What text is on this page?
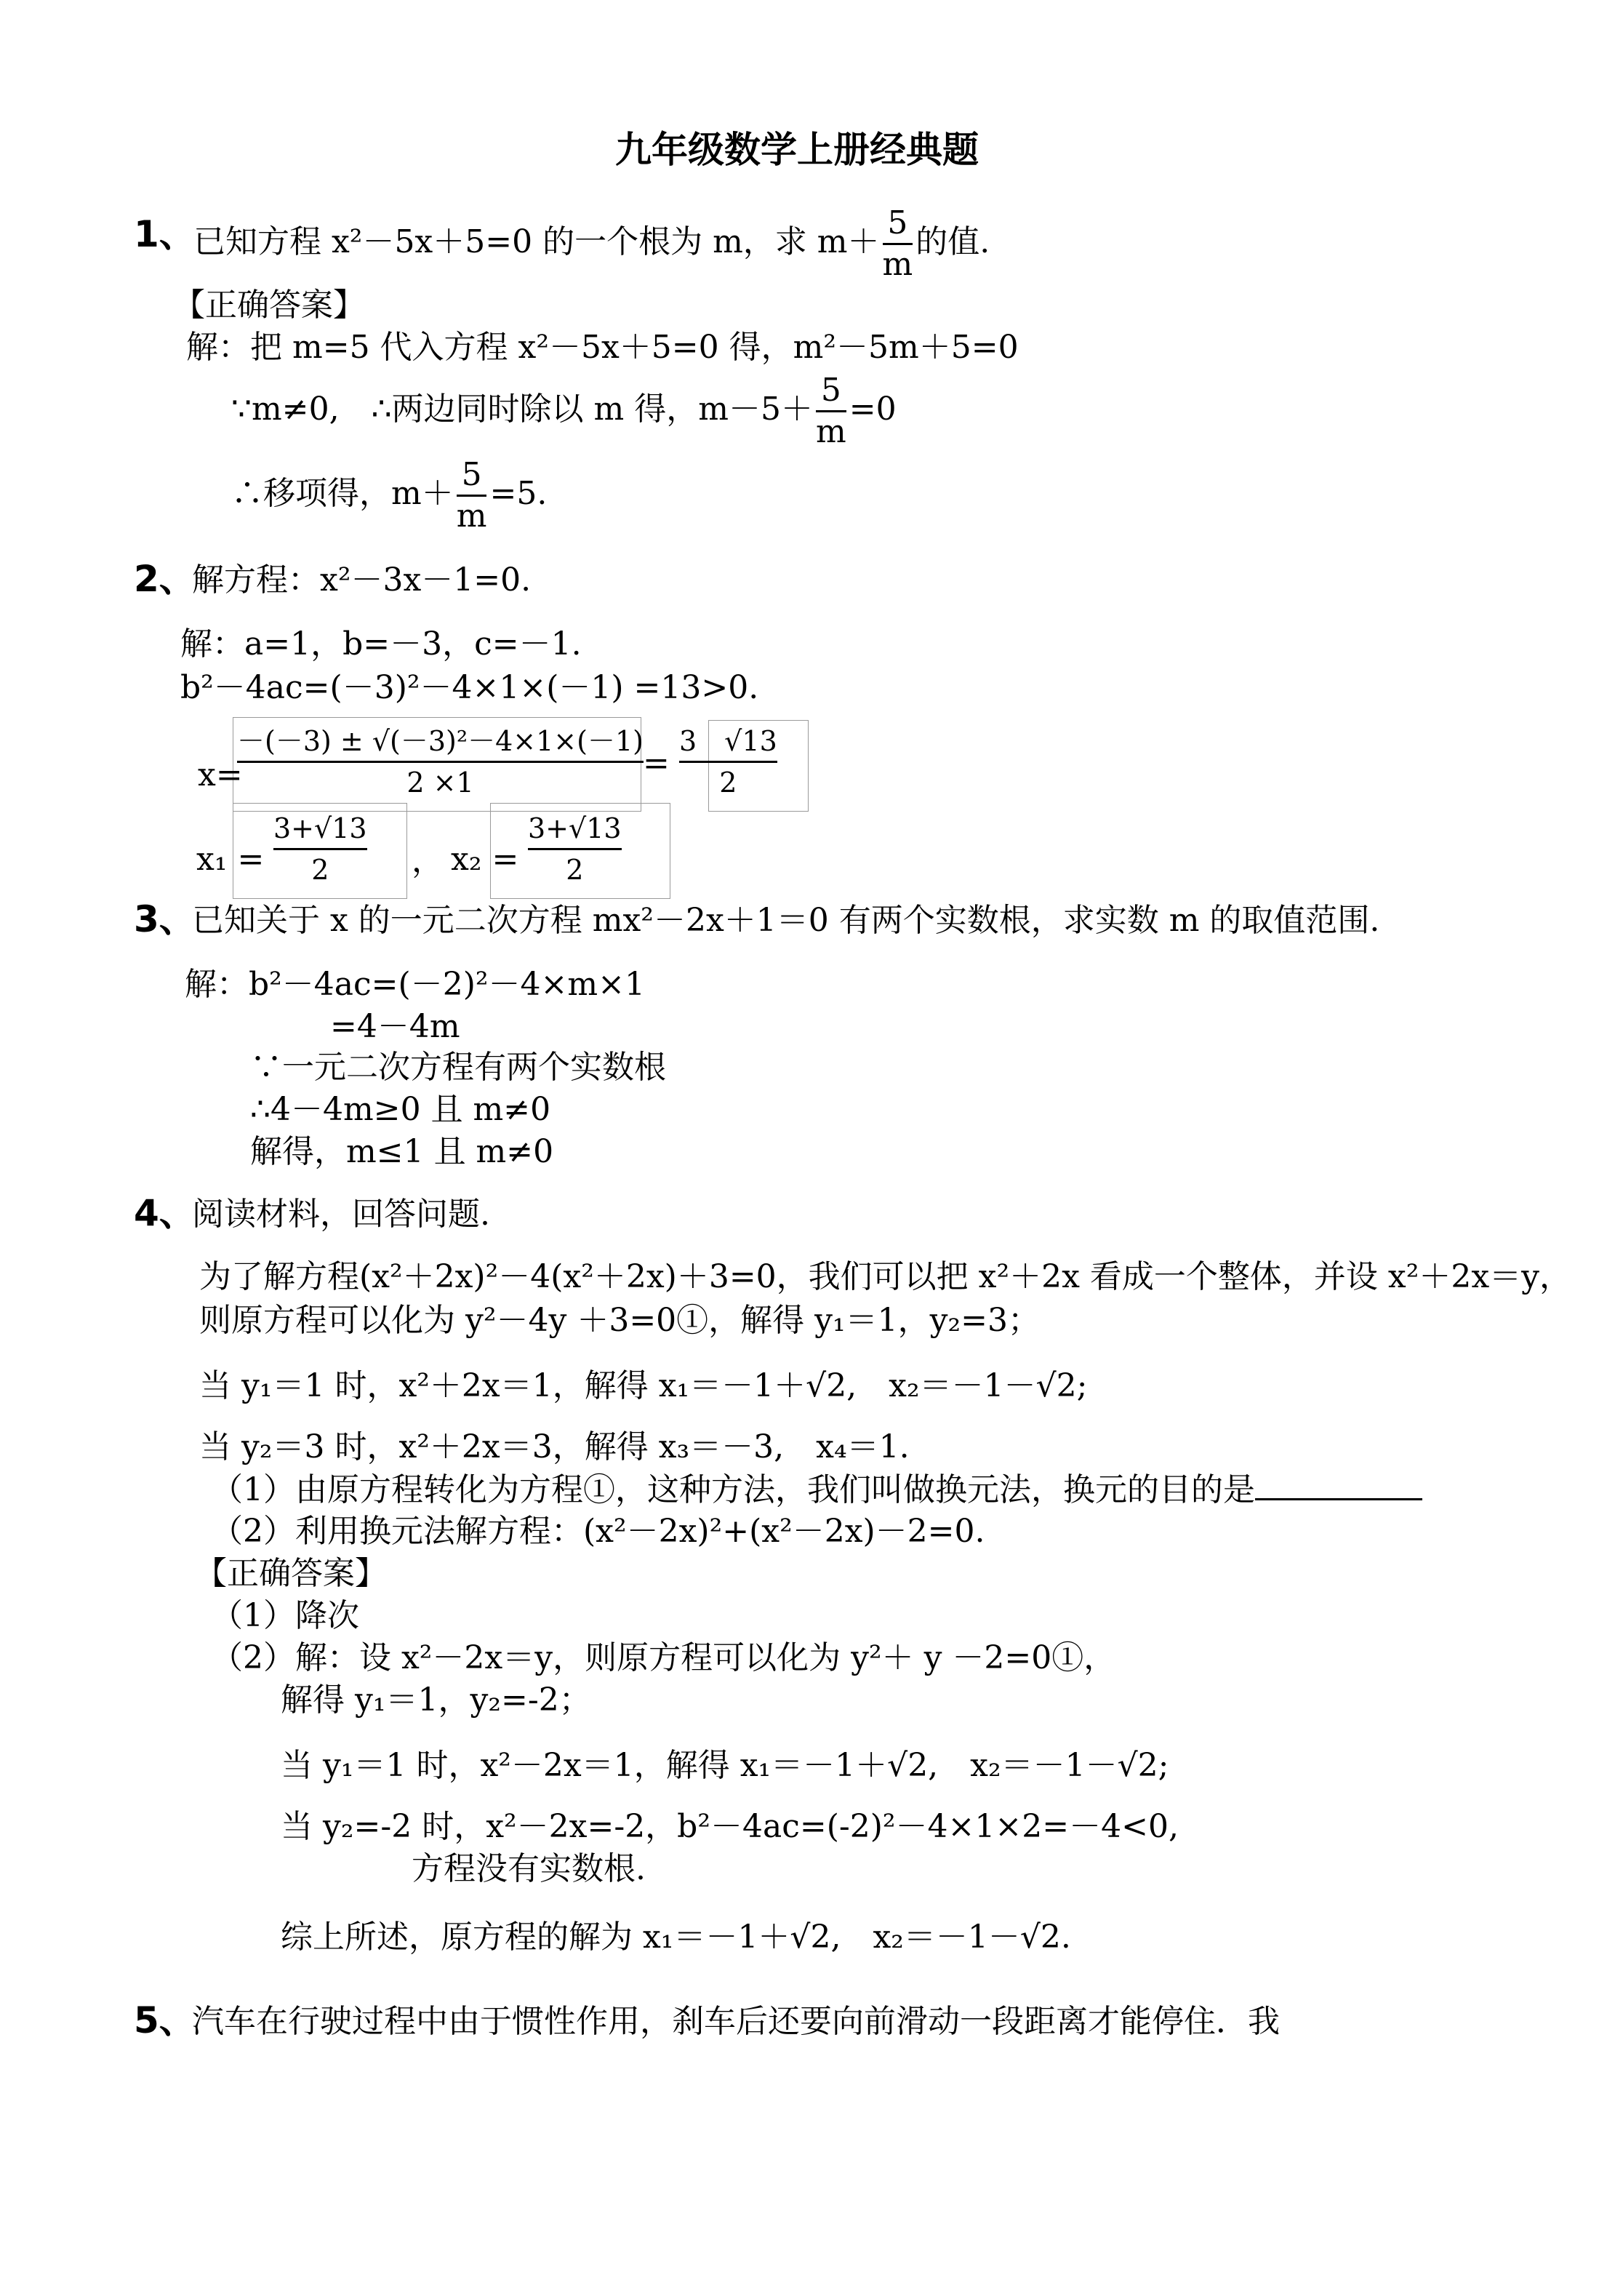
九年级数学上册经典题
1、
已知方程 x²－5x＋5=0 的一个根为 m，求 $m+ \frac{5}{m}$ 的值.
【正确答案】
解：把 m=5 代入方程 x²－5x＋5=0 得，m²－5m＋5=0
∵m≠0,　∴两边同时除以 m 得，$m-5+ \frac{5}{m} =0$
∴移项得，$m+ \frac{5}{m} =5$.
2、
解方程：x²－3x－1=0.
解：a=1，b=－3，c=－1.
b²－4ac=(－3)²－4×1×(－1) =13>0.
x=
$\frac{\text{－(－3) ± √(－3)²－4×1×(－1)}}{2 \times 1} = \frac{3 √13}{2}$
$x_1 = \frac{3+√13}{2}$ ， $x_2 = \frac{3+√13}{2}$
3、
已知关于 x 的一元二次方程 mx²－2x＋1＝0 有两个实数根，求实数 m 的取值范围.
解：b²－4ac=(－2)²－4×m×1
=4－4m
∵一元二次方程有两个实数根
∴4－4m≥0 且 m≠0
解得，m≤1 且 m≠0
4、
阅读材料，回答问题.
为了解方程(x²＋2x)²－4(x²＋2x)＋3=0，我们可以把 x²＋2x 看成一个整体，并设 x²＋2x＝y，
则原方程可以化为 y²－4y ＋3=0①，解得 y₁＝1，y₂=3；
当 y₁＝1 时，x²＋2x＝1，解得 x₁＝－1＋√2,　x₂＝－1－√2;
当 y₂＝3 时，x²＋2x＝3，解得 x₃＝－3,　x₄＝1.
（1）由原方程转化为方程①，这种方法，我们叫做换元法，换元的目的是
（2）利用换元法解方程：(x²－2x)²+(x²－2x)－2=0.
【正确答案】
（1）降次
（2）解：设 x²－2x＝y，则原方程可以化为 y²＋ y －2=0①，
解得 y₁＝1，y₂=-2；
当 y₁＝1 时，x²－2x＝1，解得 x₁＝－1＋√2,　x₂＝－1－√2;
当 y₂=-2 时，x²－2x=-2，b²－4ac=(-2)²－4×1×2=－4<0,
方程没有实数根.
综上所述，原方程的解为 x₁＝－1＋√2,　x₂＝－1－√2.
5、
汽车在行驶过程中由于惯性作用，刹车后还要向前滑动一段距离才能停住．我
